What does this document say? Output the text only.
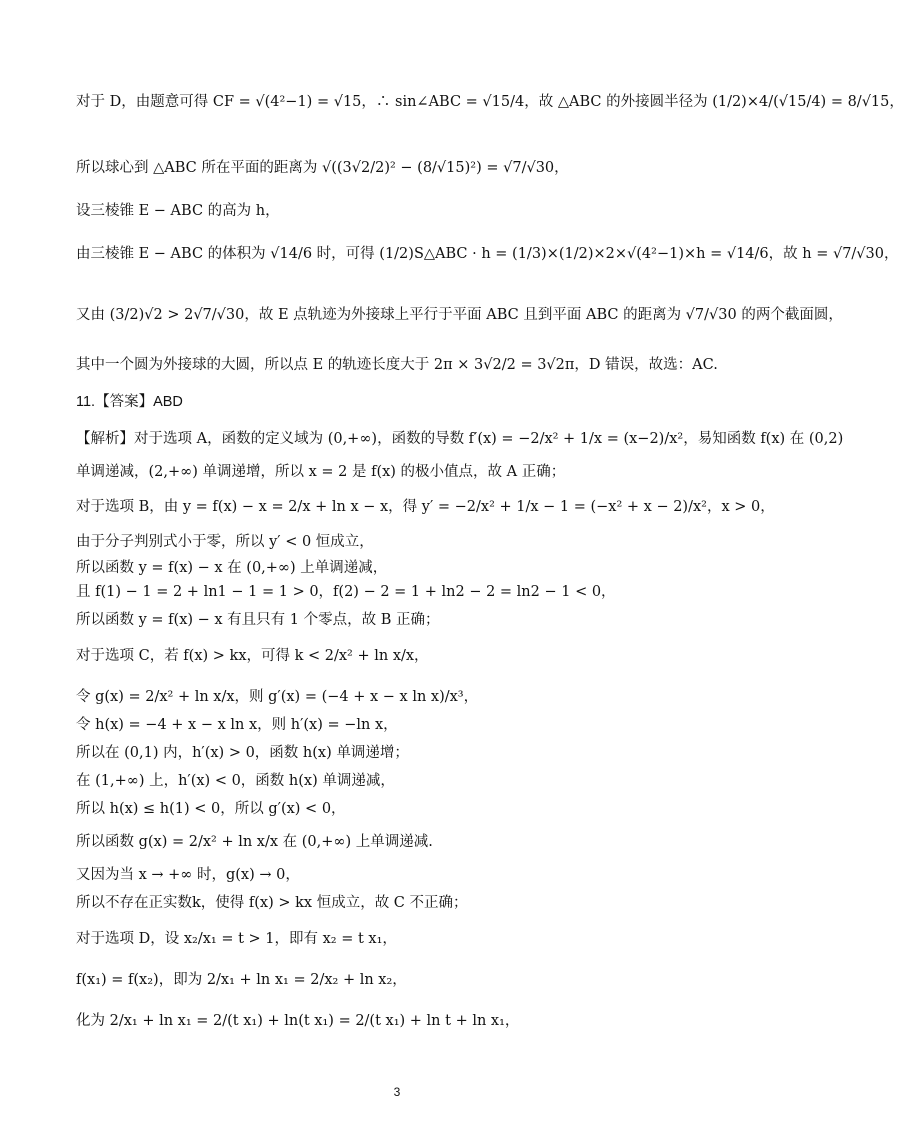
对于 D，由题意可得 CF = √(4²−1) = √15，∴ sin∠ABC = √15/4，故 △ABC 的外接圆半径为 (1/2)×4/(√15/4) = 8/√15，
所以球心到 △ABC 所在平面的距离为 √((3√2/2)² − (8/√15)²) = √7/√30，
设三棱锥 E − ABC 的高为 h，
由三棱锥 E − ABC 的体积为 √14/6 时，可得 (1/2)S△ABC · h = (1/3)×(1/2)×2×√(4²−1)×h = √14/6，故 h = √7/√30，
又由 (3/2)√2 > 2√7/√30，故 E 点轨迹为外接球上平行于平面 ABC 且到平面 ABC 的距离为 √7/√30 的两个截面圆，
其中一个圆为外接球的大圆，所以点 E 的轨迹长度大于 2π × 3√2/2 = 3√2π，D 错误，故选：AC.
11.【答案】ABD
【解析】对于选项 A，函数的定义域为 (0,+∞)，函数的导数 f′(x) = −2/x² + 1/x = (x−2)/x²，易知函数 f(x) 在 (0,2)
单调递减，(2,+∞) 单调递增，所以 x = 2 是 f(x) 的极小值点，故 A 正确；
对于选项 B，由 y = f(x) − x = 2/x + ln x − x，得 y′ = −2/x² + 1/x − 1 = (−x² + x − 2)/x²，x > 0，
由于分子判别式小于零，所以 y′ < 0 恒成立，
所以函数 y = f(x) − x 在 (0,+∞) 上单调递减，
且 f(1) − 1 = 2 + ln1 − 1 = 1 > 0，f(2) − 2 = 1 + ln2 − 2 = ln2 − 1 < 0，
所以函数 y = f(x) − x 有且只有 1 个零点，故 B 正确；
对于选项 C，若 f(x) > kx，可得 k < 2/x² + ln x/x，
令 g(x) = 2/x² + ln x/x，则 g′(x) = (−4 + x − x ln x)/x³，
令 h(x) = −4 + x − x ln x，则 h′(x) = −ln x，
所以在 (0,1) 内，h′(x) > 0，函数 h(x) 单调递增；
在 (1,+∞) 上，h′(x) < 0，函数 h(x) 单调递减，
所以 h(x) ≤ h(1) < 0，所以 g′(x) < 0，
所以函数 g(x) = 2/x² + ln x/x 在 (0,+∞) 上单调递减.
又因为当 x → +∞ 时，g(x) → 0，
所以不存在正实数k，使得 f(x) > kx 恒成立，故 C 不正确；
对于选项 D，设 x₂/x₁ = t > 1，即有 x₂ = t x₁，
f(x₁) = f(x₂)，即为 2/x₁ + ln x₁ = 2/x₂ + ln x₂，
化为 2/x₁ + ln x₁ = 2/(t x₁) + ln(t x₁) = 2/(t x₁) + ln t + ln x₁，
3
